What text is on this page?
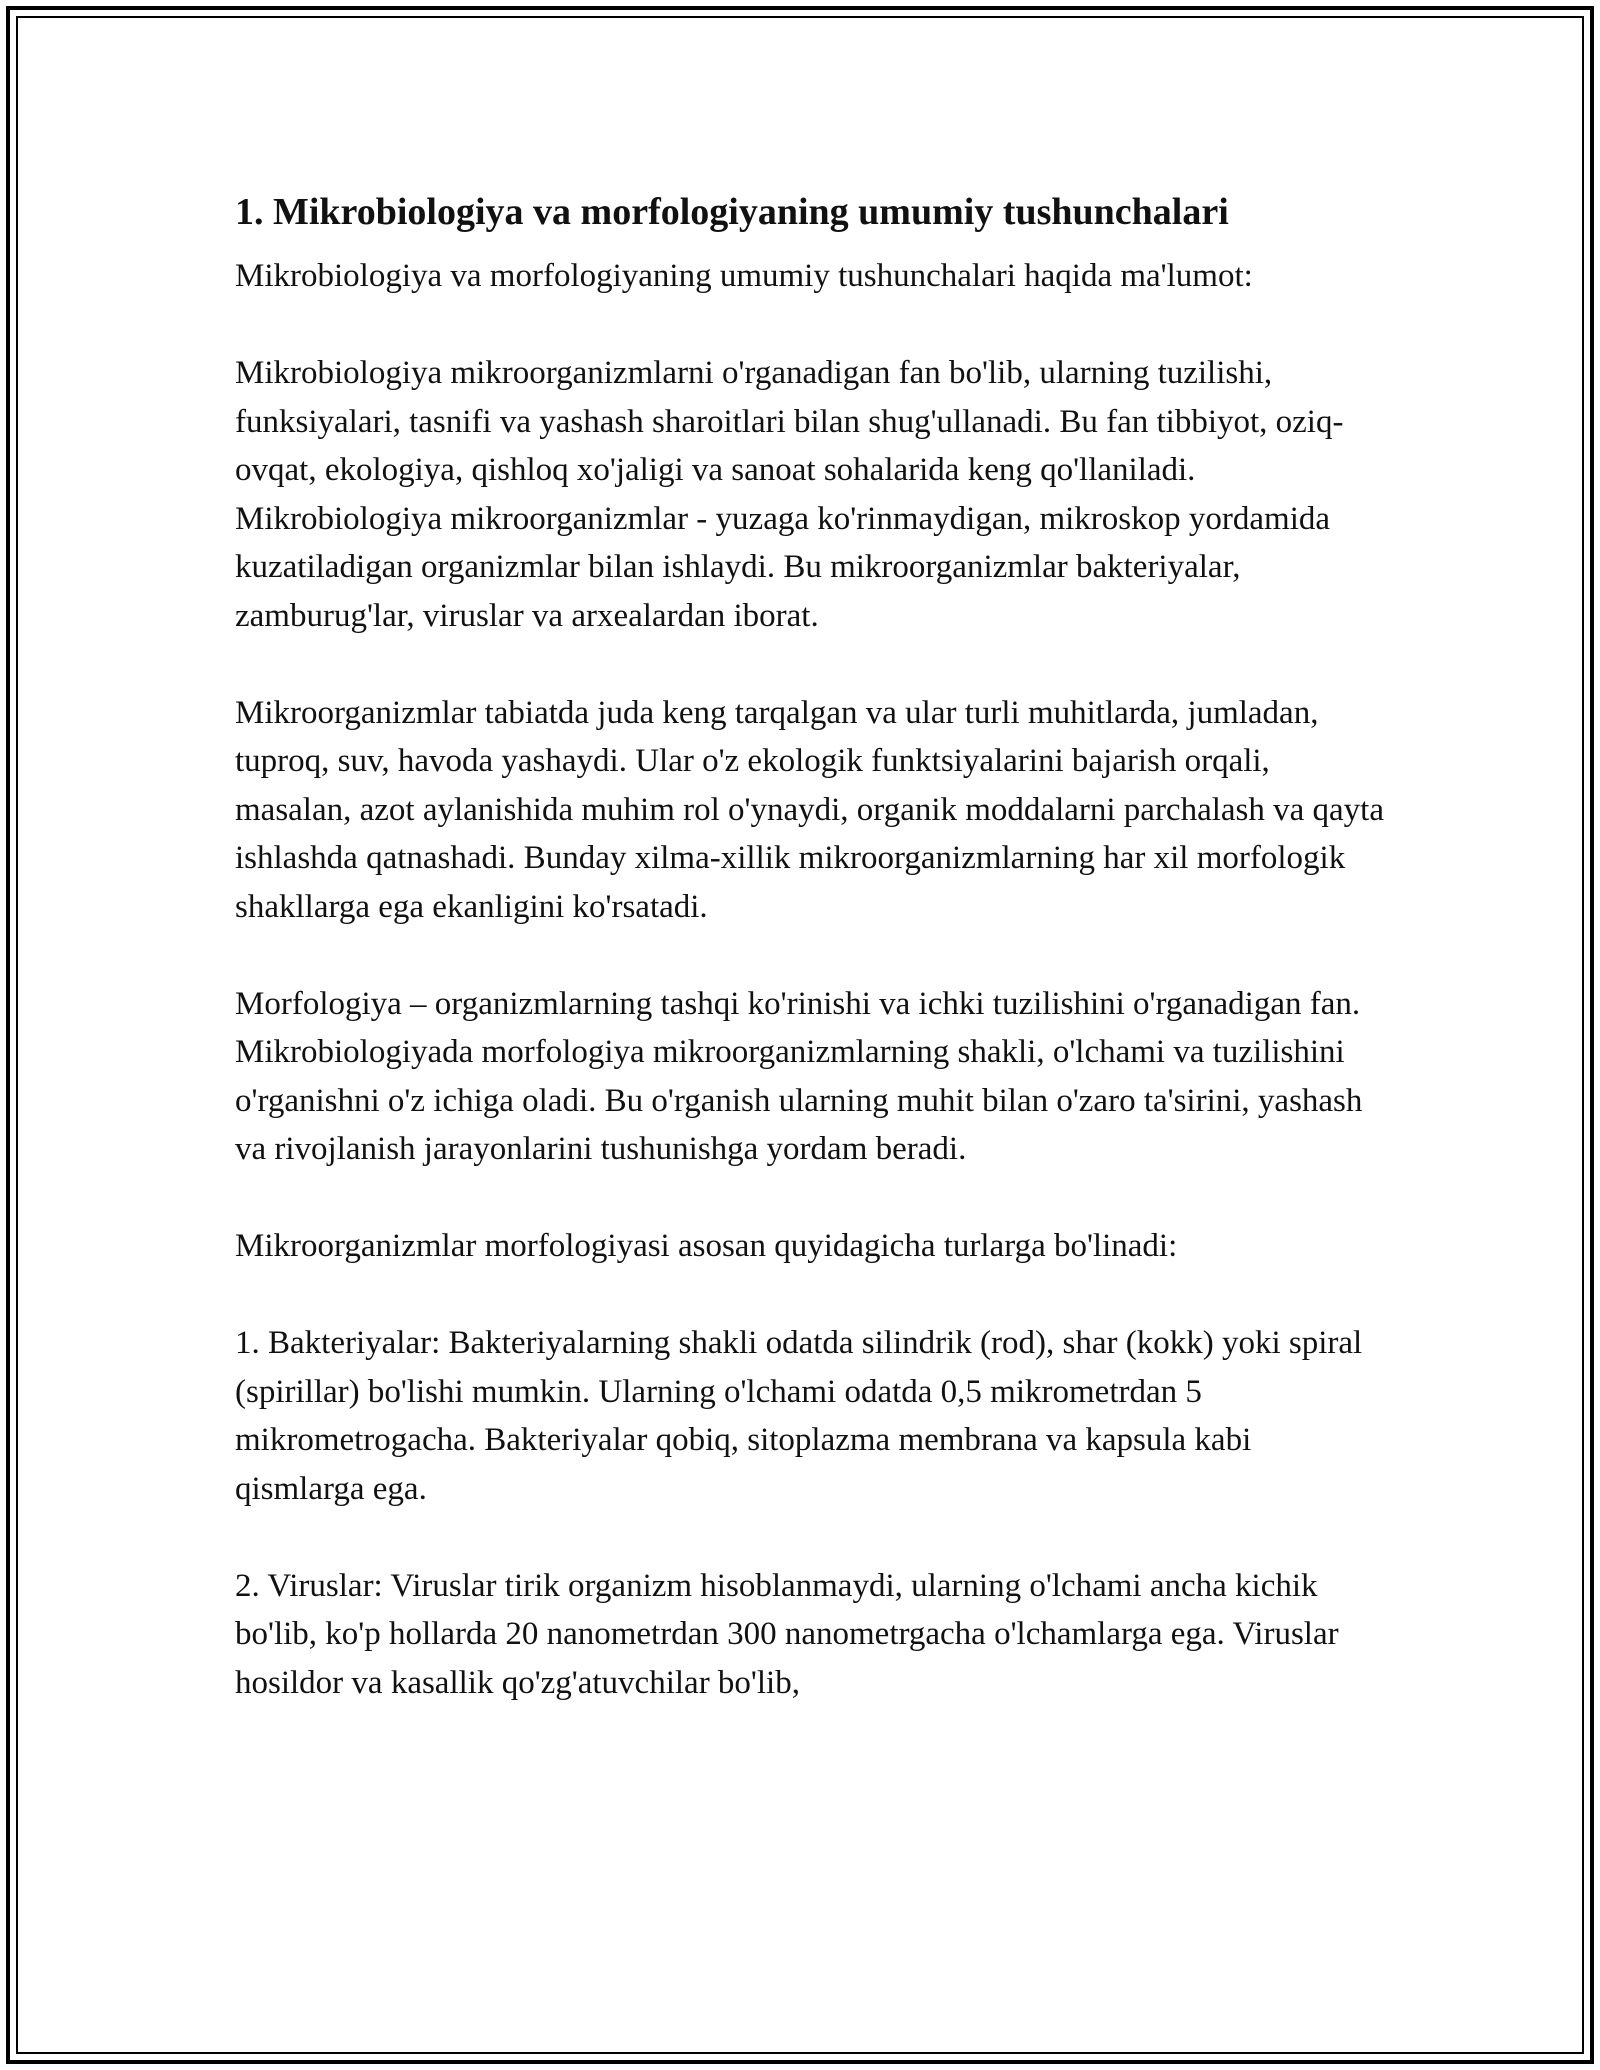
1. Mikrobiologiya va morfologiyaning umumiy tushunchalari

Mikrobiologiya va morfologiyaning umumiy tushunchalari haqida ma'lumot:

Mikrobiologiya mikroorganizmlarni o'rganadigan fan bo'lib, ularning tuzilishi, funksiyalari, tasnifi va yashash sharoitlari bilan shug'ullanadi. Bu fan tibbiyot, oziq-ovqat, ekologiya, qishloq xo'jaligi va sanoat sohalarida keng qo'llaniladi. Mikrobiologiya mikroorganizmlar - yuzaga ko'rinmaydigan, mikroskop yordamida kuzatiladigan organizmlar bilan ishlaydi. Bu mikroorganizmlar bakteriyalar, zamburug'lar, viruslar va arxealardan iborat.

Mikroorganizmlar tabiatda juda keng tarqalgan va ular turli muhitlarda, jumladan, tuproq, suv, havoda yashaydi. Ular o'z ekologik funktsiyalarini bajarish orqali, masalan, azot aylanishida muhim rol o'ynaydi, organik moddalarni parchalash va qayta ishlashda qatnashadi. Bunday xilma-xillik mikroorganizmlarning har xil morfologik shakllarga ega ekanligini ko'rsatadi.

Morfologiya – organizmlarning tashqi ko'rinishi va ichki tuzilishini o'rganadigan fan. Mikrobiologiyada morfologiya mikroorganizmlarning shakli, o'lchami va tuzilishini o'rganishni o'z ichiga oladi. Bu o'rganish ularning muhit bilan o'zaro ta'sirini, yashash va rivojlanish jarayonlarini tushunishga yordam beradi.

Mikroorganizmlar morfologiyasi asosan quyidagicha turlarga bo'linadi:

1. Bakteriyalar: Bakteriyalarning shakli odatda silindrik (rod), shar (kokk) yoki spiral (spirillar) bo'lishi mumkin. Ularning o'lchami odatda 0,5 mikrometrdan 5 mikrometrogacha. Bakteriyalar qobiq, sitoplazma membrana va kapsula kabi qismlarga ega.

2. Viruslar: Viruslar tirik organizm hisoblanmaydi, ularning o'lchami ancha kichik bo'lib, ko'p hollarda 20 nanometrdan 300 nanometrgacha o'lchamlarga ega. Viruslar hosildor va kasallik qo'zg'atuvchilar bo'lib,
